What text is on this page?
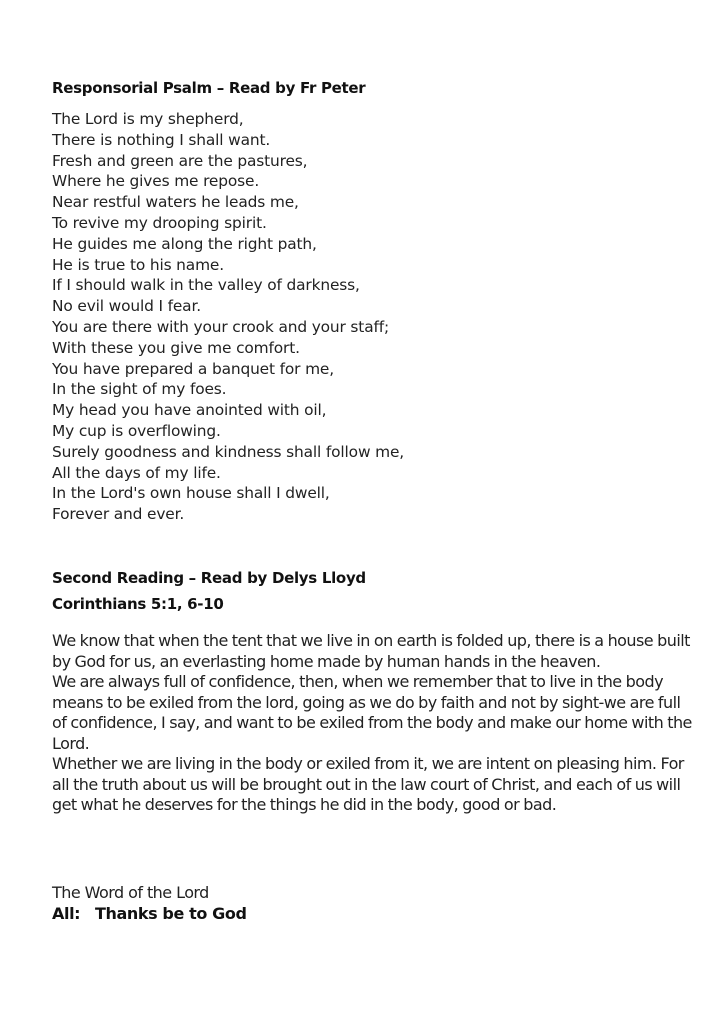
Responsorial Psalm – Read by Fr Peter
The Lord is my shepherd,
There is nothing I shall want.
Fresh and green are the pastures,
Where he gives me repose.
Near restful waters he leads me,
To revive my drooping spirit.
He guides me along the right path,
He is true to his name.
If I should walk in the valley of darkness,
No evil would I fear.
You are there with your crook and your staff;
With these you give me comfort.
You have prepared a banquet for me,
In the sight of my foes.
My head you have anointed with oil,
My cup is overflowing.
Surely goodness and kindness shall follow me,
All the days of my life.
In the Lord's own house shall I dwell,
Forever and ever.
Second Reading – Read by Delys Lloyd
Corinthians 5:1, 6-10

We know that when the tent that we live in on earth is folded up, there is a house built by God for us, an everlasting home made by human hands in the heaven.

We are always full of confidence, then, when we remember that to live in the body means to be exiled from the lord, going as we do by faith and not by sight-we are full of confidence, I say, and want to be exiled from the body and make our home with the Lord.

Whether we are living in the body or exiled from it, we are intent on pleasing him. For all the truth about us will be brought out in the law court of Christ, and each of us will get what he deserves for the things he did in the body, good or bad.

The Word of the Lord
All: Thanks be to God
